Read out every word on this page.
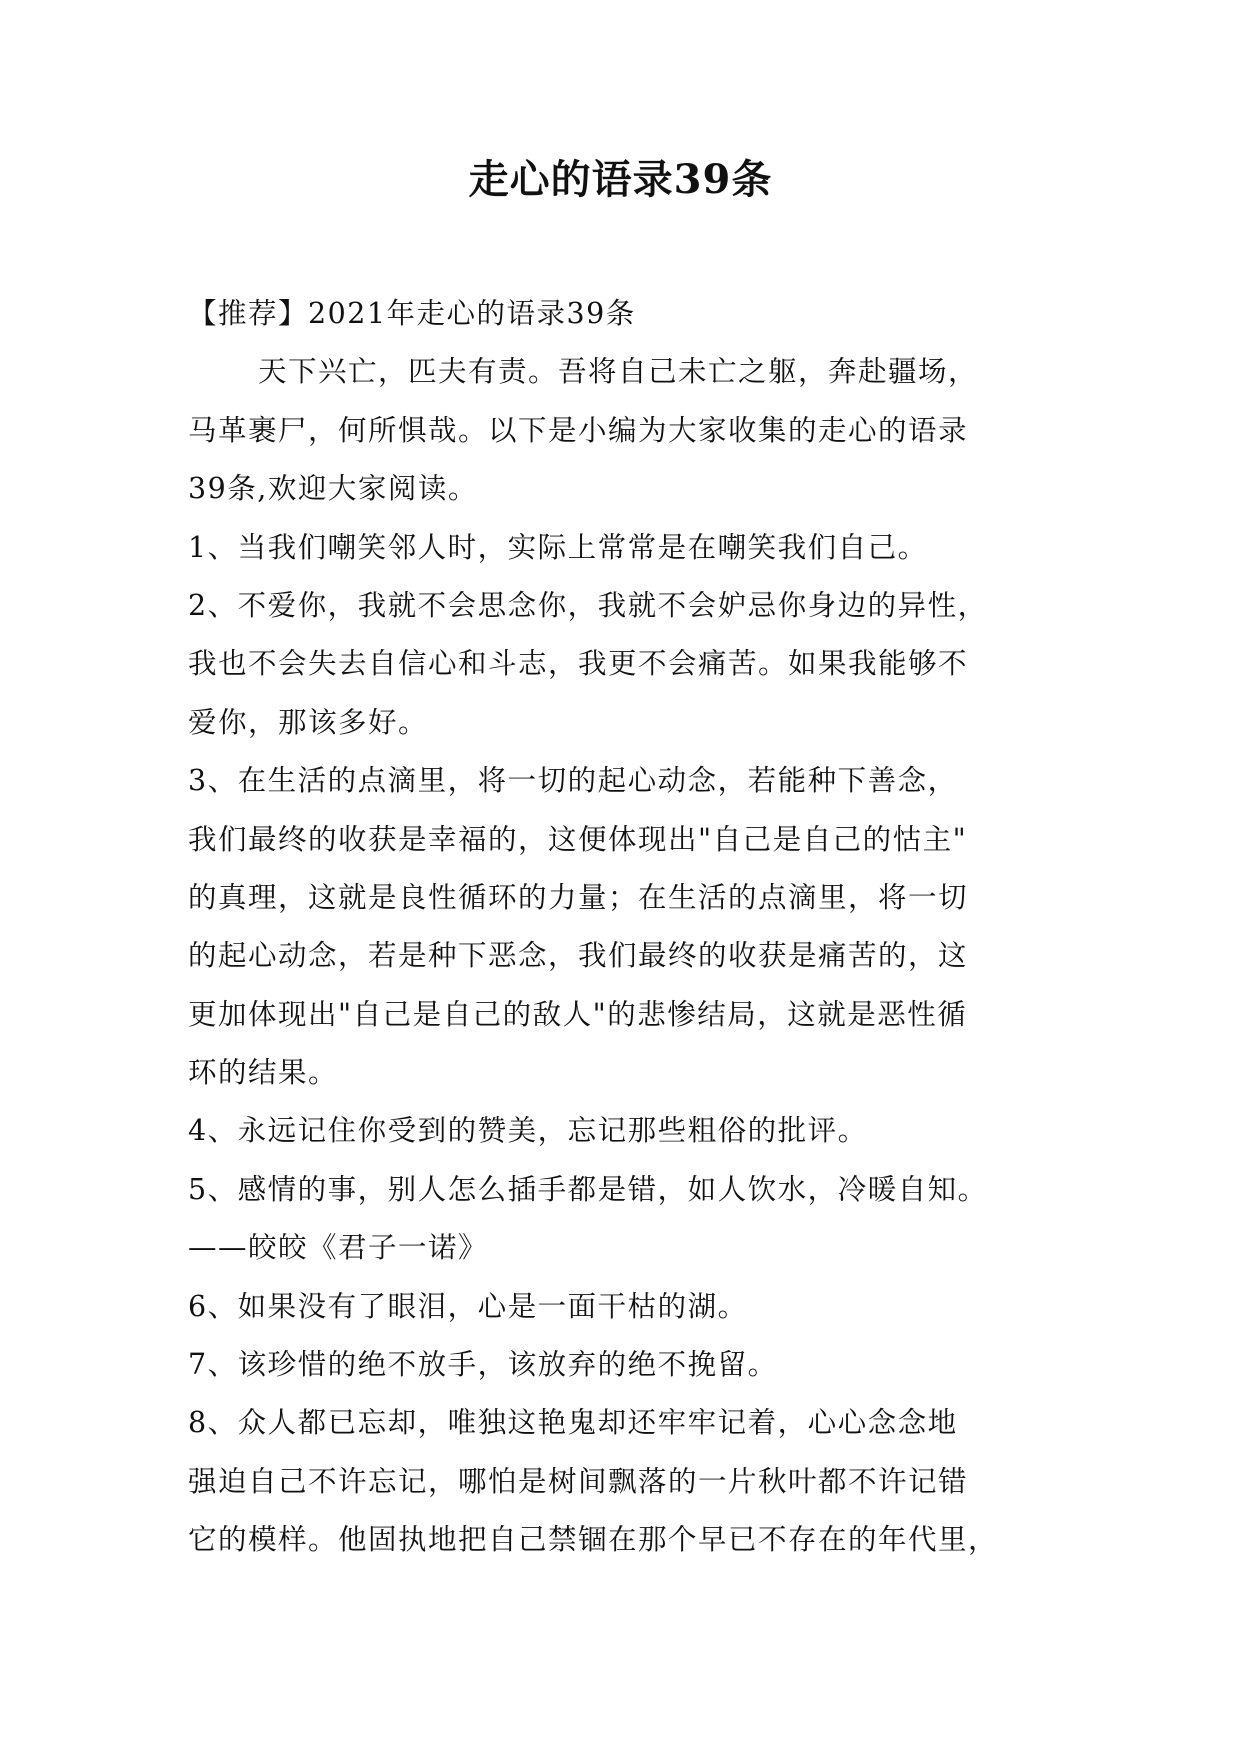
走心的语录39条
【推荐】2021年走心的语录39条
天下兴亡，匹夫有责。吾将自己未亡之躯，奔赴疆场，
马革裹尸，何所惧哉。以下是小编为大家收集的走心的语录
39条,欢迎大家阅读。
1、当我们嘲笑邻人时，实际上常常是在嘲笑我们自己。
2、不爱你，我就不会思念你，我就不会妒忌你身边的异性，
我也不会失去自信心和斗志，我更不会痛苦。如果我能够不
爱你，那该多好。
3、在生活的点滴里，将一切的起心动念，若能种下善念，
我们最终的收获是幸福的，这便体现出"自己是自己的怙主"
的真理，这就是良性循环的力量；在生活的点滴里，将一切
的起心动念，若是种下恶念，我们最终的收获是痛苦的，这
更加体现出"自己是自己的敌人"的悲惨结局，这就是恶性循
环的结果。
4、永远记住你受到的赞美，忘记那些粗俗的批评。
5、感情的事，别人怎么插手都是错，如人饮水，冷暖自知。
——皎皎《君子一诺》
6、如果没有了眼泪，心是一面干枯的湖。
7、该珍惜的绝不放手，该放弃的绝不挽留。
8、众人都已忘却，唯独这艳鬼却还牢牢记着，心心念念地
强迫自己不许忘记，哪怕是树间飘落的一片秋叶都不许记错
它的模样。他固执地把自己禁锢在那个早已不存在的年代里，
